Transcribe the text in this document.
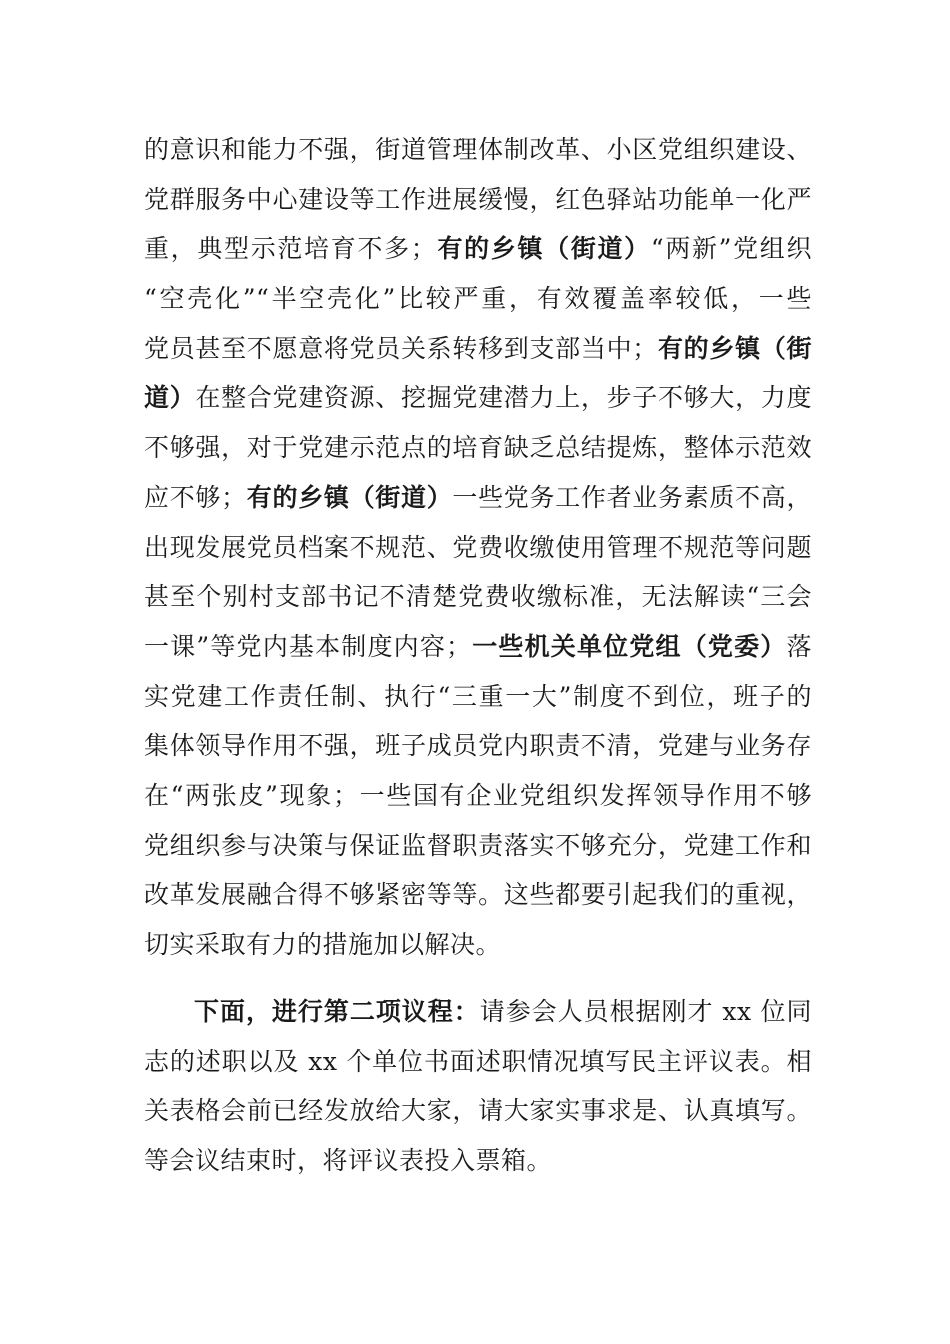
的意识和能力不强，街道管理体制改革、小区党组织建设、
党群服务中心建设等工作进展缓慢，红色驿站功能单一化严
重，典型示范培育不多；有的乡镇（街道）“两新”党组织
“空壳化”“半空壳化”比较严重，有效覆盖率较低，一些
党员甚至不愿意将党员关系转移到支部当中；有的乡镇（街
道）在整合党建资源、挖掘党建潜力上，步子不够大，力度
不够强，对于党建示范点的培育缺乏总结提炼，整体示范效
应不够；有的乡镇（街道）一些党务工作者业务素质不高，
出现发展党员档案不规范、党费收缴使用管理不规范等问题
甚至个别村支部书记不清楚党费收缴标准，无法解读“三会
一课”等党内基本制度内容；一些机关单位党组（党委）落
实党建工作责任制、执行“三重一大”制度不到位，班子的
集体领导作用不强，班子成员党内职责不清，党建与业务存
在“两张皮”现象；一些国有企业党组织发挥领导作用不够
党组织参与决策与保证监督职责落实不够充分，党建工作和
改革发展融合得不够紧密等等。这些都要引起我们的重视，
切实采取有力的措施加以解决。
下面，进行第二项议程：请参会人员根据刚才 xx 位同
志的述职以及 xx 个单位书面述职情况填写民主评议表。相
关表格会前已经发放给大家，请大家实事求是、认真填写。
等会议结束时，将评议表投入票箱。
